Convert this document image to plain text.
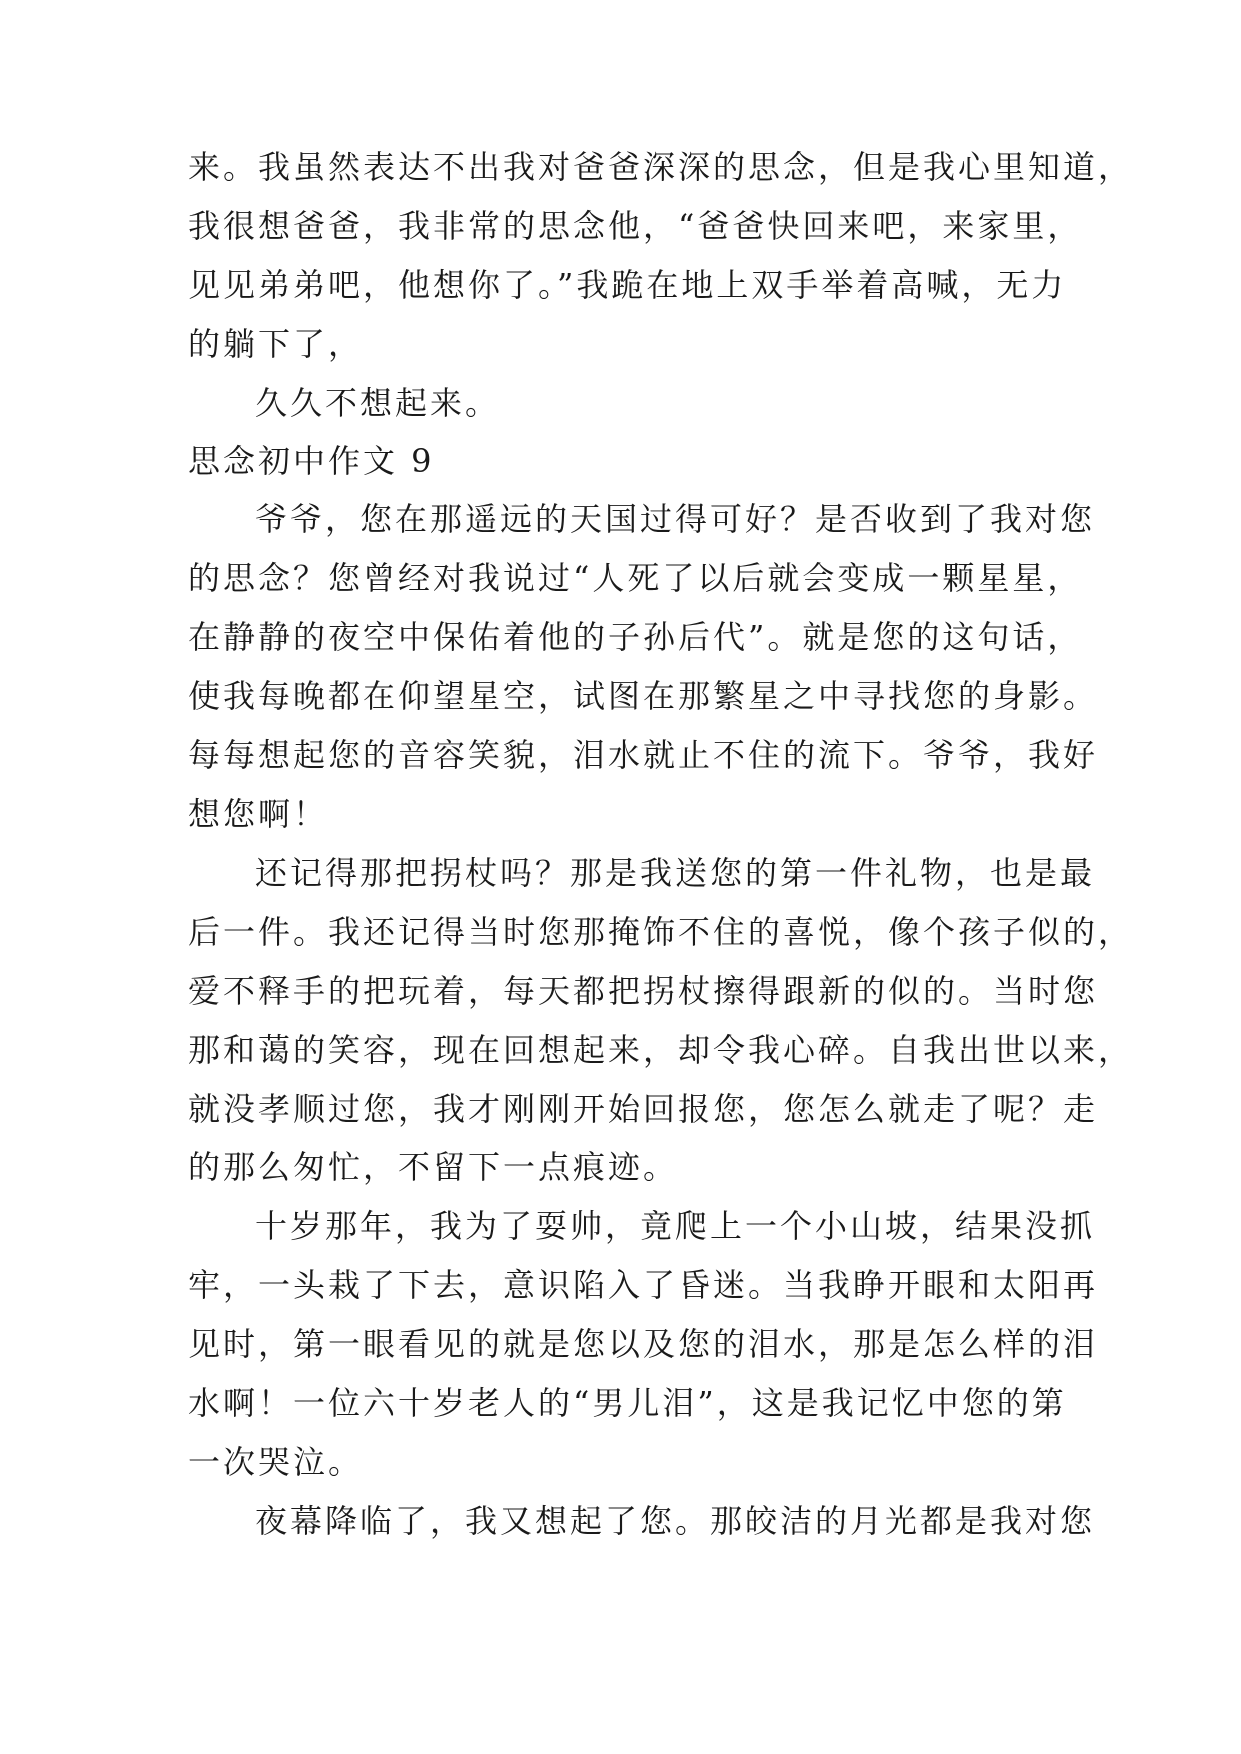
来。我虽然表达不出我对爸爸深深的思念，但是我心里知道，
我很想爸爸，我非常的思念他，“爸爸快回来吧，来家里，
见见弟弟吧，他想你了。”我跪在地上双手举着高喊，无力
的躺下了，
久久不想起来。
思念初中作文 9
爷爷，您在那遥远的天国过得可好？是否收到了我对您
的思念？您曾经对我说过“人死了以后就会变成一颗星星，
在静静的夜空中保佑着他的子孙后代”。就是您的这句话，
使我每晚都在仰望星空，试图在那繁星之中寻找您的身影。
每每想起您的音容笑貌，泪水就止不住的流下。爷爷，我好
想您啊！
还记得那把拐杖吗？那是我送您的第一件礼物，也是最
后一件。我还记得当时您那掩饰不住的喜悦，像个孩子似的，
爱不释手的把玩着，每天都把拐杖擦得跟新的似的。当时您
那和蔼的笑容，现在回想起来，却令我心碎。自我出世以来，
就没孝顺过您，我才刚刚开始回报您，您怎么就走了呢？走
的那么匆忙，不留下一点痕迹。
十岁那年，我为了耍帅，竟爬上一个小山坡，结果没抓
牢，一头栽了下去，意识陷入了昏迷。当我睁开眼和太阳再
见时，第一眼看见的就是您以及您的泪水，那是怎么样的泪
水啊！一位六十岁老人的“男儿泪”，这是我记忆中您的第
一次哭泣。
夜幕降临了，我又想起了您。那皎洁的月光都是我对您
